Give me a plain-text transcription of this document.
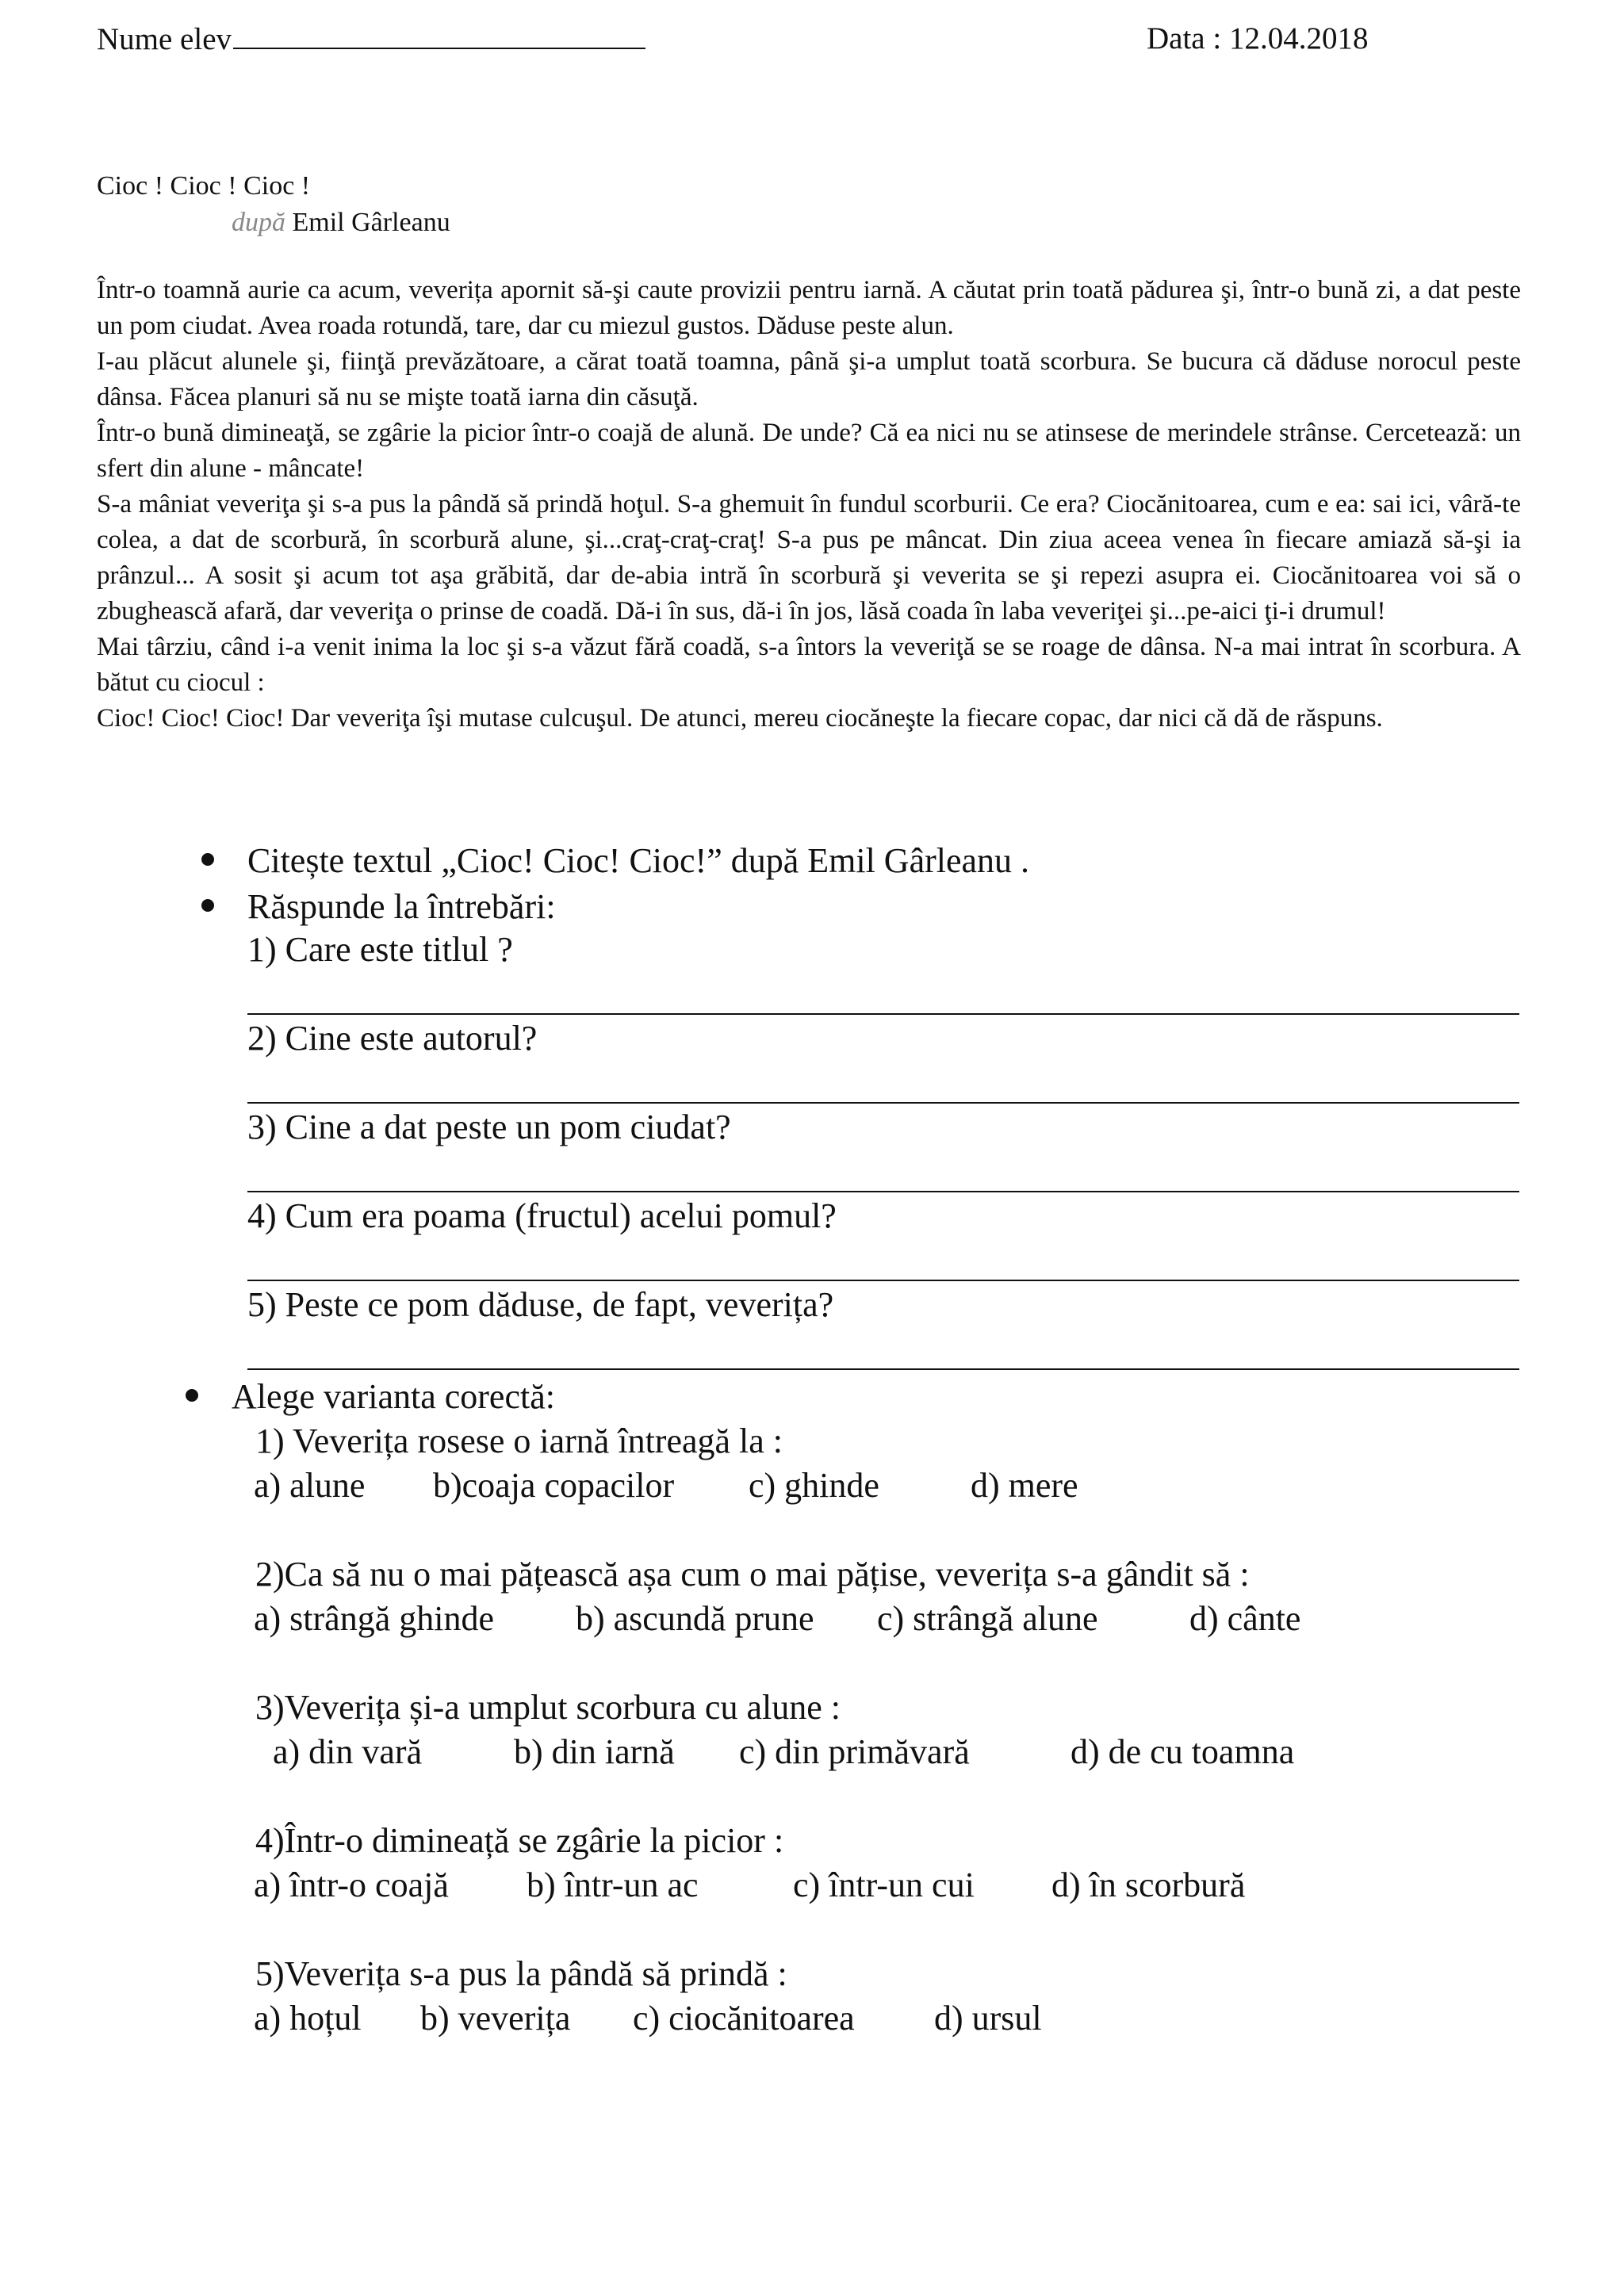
Nume elev	Data : 12.04.2018
Cioc ! Cioc ! Cioc !
după Emil Gârleanu

Într-o toamnă aurie ca acum, veverița apornit să-şi caute provizii pentru iarnă. A căutat prin toată pădurea şi, într-o bună zi, a dat peste un pom ciudat. Avea roada rotundă, tare, dar cu miezul gustos. Dăduse peste alun.

I-au plăcut alunele şi, fiinţă prevăzătoare, a cărat toată toamna, până şi-a umplut toată scorbura. Se bucura că dăduse norocul peste dânsa. Făcea planuri să nu se mişte toată iarna din căsuţă.

Într-o bună dimineaţă, se zgârie la picior într-o coajă de alună. De unde? Că ea nici nu se atinsese de merindele strânse. Cercetează: un sfert din alune - mâncate!

S-a mâniat veveriţa şi s-a pus la pândă să prindă hoţul. S-a ghemuit în fundul scorburii. Ce era? Ciocănitoarea, cum e ea: sai ici, vâră-te colea, a dat de scorbură, în scorbură alune, şi...craţ-craţ-craţ! S-a pus pe mâncat. Din ziua aceea venea în fiecare amiază să-şi ia prânzul... A sosit şi acum tot aşa grăbită, dar de-abia intră în scorbură şi veverita se şi repezi asupra ei. Ciocănitoarea voi să o zbughească afară, dar veveriţa o prinse de coadă. Dă-i în sus, dă-i în jos, lăsă coada în laba veveriţei şi...pe-aici ţi-i drumul!

Mai târziu, când i-a venit inima la loc şi s-a văzut fără coadă, s-a întors la veveriţă se se roage de dânsa. N-a mai intrat în scorbura. A bătut cu ciocul :

Cioc! Cioc! Cioc! Dar veveriţa îşi mutase culcuşul. De atunci, mereu ciocăneşte la fiecare copac, dar nici că dă de răspuns.

Citește textul „Cioc! Cioc! Cioc!” după Emil Gârleanu .
Răspunde la întrebări:
1) Care este titlul ?
2) Cine este autorul?
3) Cine a dat peste un pom ciudat?
4) Cum era poama (fructul) acelui pomul?
5) Peste ce pom dăduse, de fapt, veverița?
Alege varianta corectă:
1) Veverița rosese o iarnă întreagă la :
a) alune b)coaja copacilor c) ghinde	d) mere
2)Ca să nu o mai pățească așa cum o mai pățise, veverița s-a gândit să :
a) strângă ghinde b) ascundă prune c) strângă alune	d) cânte
3)Veverița și-a umplut scorbura cu alune :
a) din vară	b) din iarnă c) din primăvară	d) de cu toamna
4)Într-o dimineață se zgârie la picior :
a) într-o coajă b) într-un ac	c) într-un cui d) în scorbură
5)Veverița s-a pus la pândă să prindă :
a) hoțul b) veverița c) ciocănitoarea d) ursul
